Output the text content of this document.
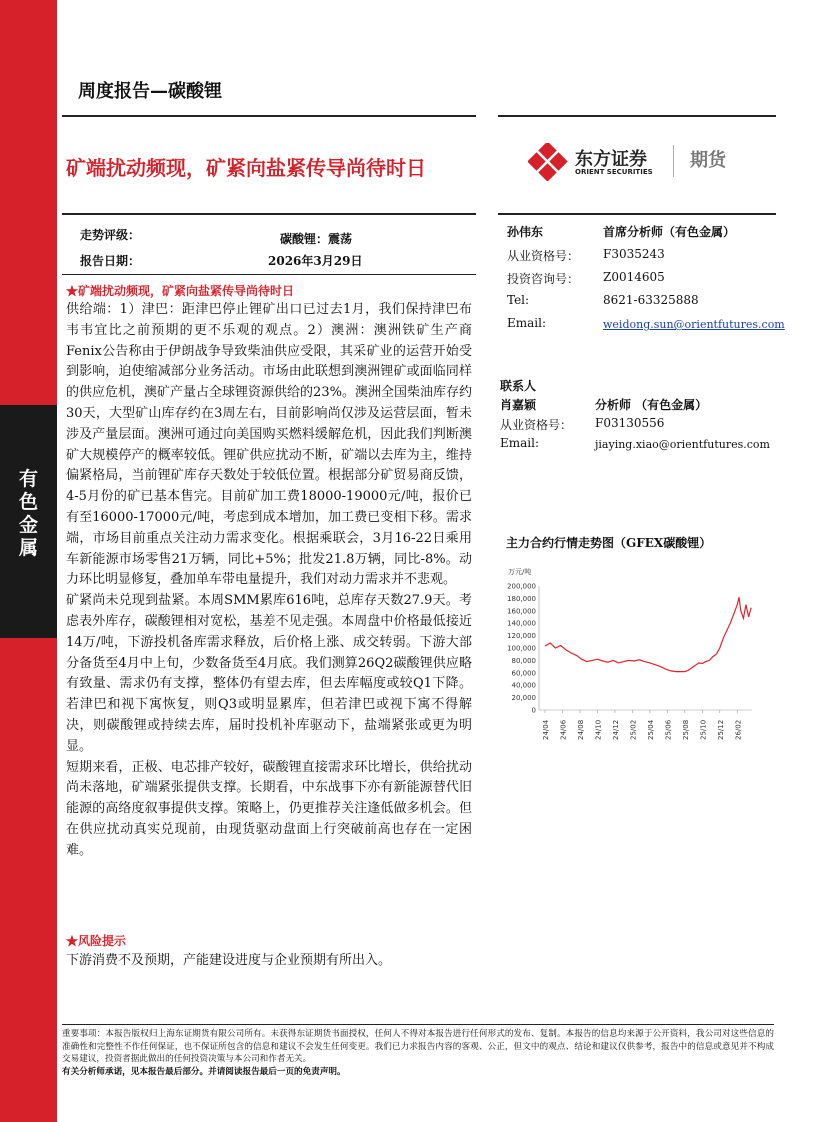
有
色
金
属
周度报告—碳酸锂
矿端扰动频现，矿紧向盐紧传导尚待时日	东方证券
ORIENT SECURITIES
期货
走势评级：	碳酸锂：震荡
报告日期：	2026年3月29日
★矿端扰动频现，矿紧向盐紧传导尚待时日

供给端：1）津巴：距津巴停止锂矿出口已过去1月，我们保持津巴布韦韦宜比之前预期的更不乐观的观点。2）澳洲：澳洲铁矿生产商Fenix公告称由于伊朗战争导致柴油供应受限，其采矿业的运营开始受到影响，迫使缩减部分业务活动。市场由此联想到澳洲锂矿或面临同样的供应危机，澳矿产量占全球锂资源供给的23%。澳洲全国柴油库存约30天，大型矿山库存约在3周左右，目前影响尚仅涉及运营层面，暂未涉及产量层面。澳洲可通过向美国购买燃料缓解危机，因此我们判断澳矿大规模停产的概率较低。锂矿供应扰动不断，矿端以去库为主，维持偏紧格局，当前锂矿库存天数处于较低位置。根据部分矿贸易商反馈，4-5月份的矿已基本售完。目前矿加工费18000-19000元/吨，报价已有至16000-17000元/吨，考虑到成本增加，加工费已变相下移。需求端，市场目前重点关注动力需求变化。根据乘联会，3月16-22日乘用车新能源市场零售21万辆，同比+5%；批发21.8万辆，同比-8%。动力环比明显修复，叠加单车带电量提升，我们对动力需求并不悲观。

矿紧尚未兑现到盐紧。本周SMM累库616吨，总库存天数27.9天。考虑表外库存，碳酸锂相对宽松，基差不见走强。本周盘中价格最低接近14万/吨，下游投机备库需求释放，后价格上涨、成交转弱。下游大部分备货至4月中上旬，少数备货至4月底。我们测算26Q2碳酸锂供应略有致量、需求仍有支撑，整体仍有望去库，但去库幅度或较Q1下降。若津巴和视下寓恢复，则Q3或明显累库，但若津巴或视下寓不得解决，则碳酸锂或持续去库，届时投机补库驱动下，盐端紧张或更为明显。

短期来看，正极、电芯排产较好，碳酸锂直接需求环比增长，供给扰动尚未落地，矿端紧张提供支撑。长期看，中东战事下亦有新能源替代旧能源的高络度叙事提供支撑。策略上，仍更推荐关注逢低做多机会。但在供应扰动真实兑现前，由现货驱动盘面上行突破前高也存在一定困难。

★风险提示
下游消费不及预期，产能建设进度与企业预期有所出入。
孙伟东	首席分析师（有色金属）
从业资格号： F3035243
投资咨询号： Z0014605
Tel:	8621-63325888
Email:	weidong.sun@orientfutures.com
联系人
肖嘉颖	分析师 （有色金属）
从业资格号： F03130556
Email:	jiaying.xiao@orientfutures.com
主力合约行情走势图（GFEX碳酸锂）
万元/吨
200,000
180,000
160,000
140,000
120,000
100,000
80,000
60,000
40,000
20,000
0
24/04 24/06 24/08 24/10 24/12 25/02 25/04 25/06 25/08 25/10 25/12 26/02
重要事项：本报告版权归上海东证期货有限公司所有。未获得东证期货书面授权，任何人不得对本报告进行任何形式的发布、复制。本报告的信息均来源于公开资料，我公司对这些信息的准确性和完整性不作任何保证，也不保证所包含的信息和建议不会发生任何变更。我们已力求报告内容的客观、公正，但文中的观点、结论和建议仅供参考，报告中的信息或意见并不构成交易建议，投资者据此做出的任何投资决策与本公司和作者无关。
有关分析师承诺，见本报告最后部分。并请阅读报告最后一页的免责声明。
